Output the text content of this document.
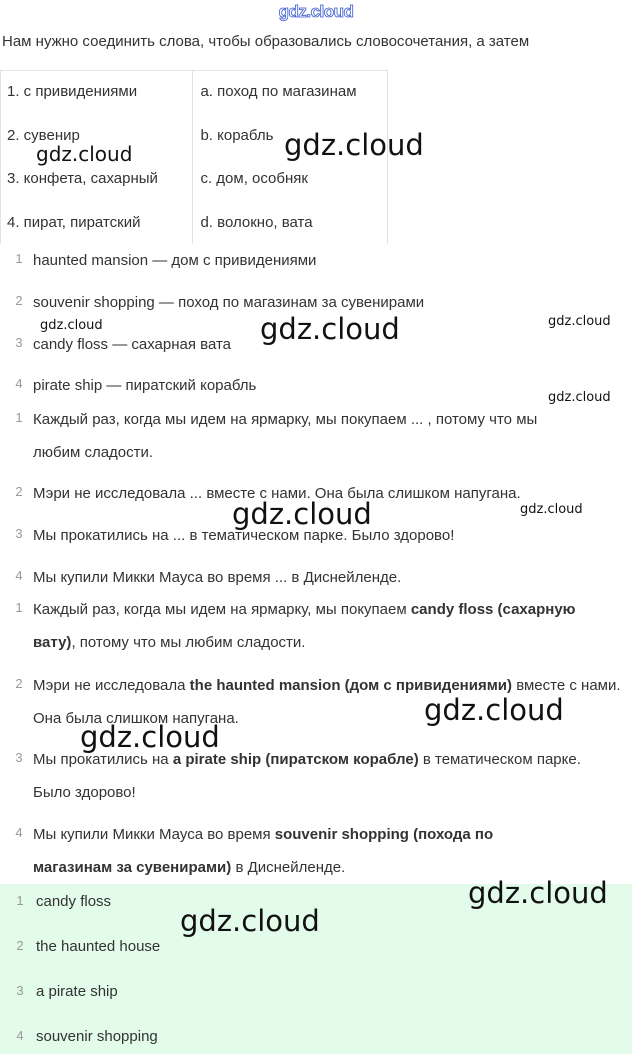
gdz.cloud
Нам нужно соединить слова, чтобы образовались словосочетания, а затем
1. с привидениями	a. поход по магазинам
2. сувенир	b. корабль
3. конфета, сахарный	c. дом, особняк
4. пират, пиратский	d. волокно, вата
1 haunted mansion — дом с привидениями
2 souvenir shopping — поход по магазинам за сувенирами
3 candy floss — сахарная вата
4 pirate ship — пиратский корабль
1 Каждый раз, когда мы идем на ярмарку, мы покупаем ... , потому что мы
любим сладости.
2 Мэри не исследовала ... вместе с нами. Она была слишком напугана.
3 Мы прокатились на ... в тематическом парке. Было здорово!
4 Мы купили Микки Мауса во время ... в Диснейленде.
1 Каждый раз, когда мы идем на ярмарку, мы покупаем candy floss (сахарную вату), потому что мы любим сладости.
2 Мэри не исследовала the haunted mansion (дом с привидениями) вместе с нами. Она была слишком напугана.
3 Мы прокатились на a pirate ship (пиратском корабле) в тематическом парке. Было здорово!
4 Мы купили Микки Мауса во время souvenir shopping (похода по магазинам за сувенирами) в Диснейленде.
1 candy floss
2 the haunted house
3 a pirate ship
4 souvenir shopping
gdz.cloud	gdz.cloud
gdz.cloud	gdz.cloud	gdz.cloud
gdz.cloud
gdz.cloud	gdz.cloud
gdz.cloud
gdz.cloud
gdz.cloud
gdz.cloud
